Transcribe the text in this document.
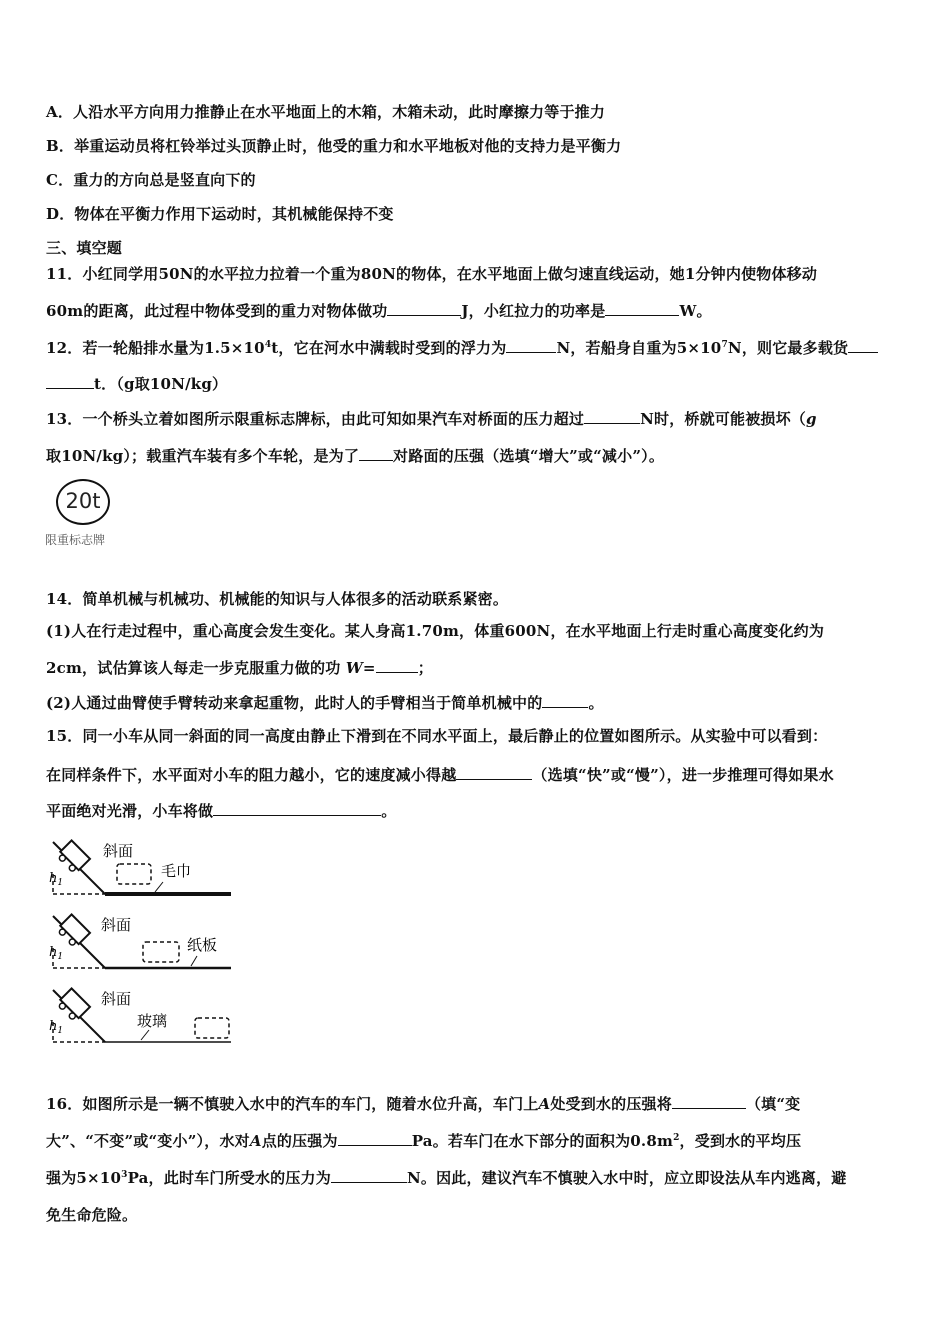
A．人沿水平方向用力推静止在水平地面上的木箱，木箱未动，此时摩擦力等于推力
B．举重运动员将杠铃举过头顶静止时，他受的重力和水平地板对他的支持力是平衡力
C．重力的方向总是竖直向下的
D．物体在平衡力作用下运动时，其机械能保持不变
三、填空题
11．小红同学用50N的水平拉力拉着一个重为80N的物体，在水平地面上做匀速直线运动，她1分钟内使物体移动
60m的距离，此过程中物体受到的重力对物体做功	J，小红拉力的功率是	W。
12．若一轮船排水量为$1.5\times 10^4t$，它在河水中满载时受到的浮力为	N，若船身自重为$5\times 10^7N$，则它最多载货
t．（g取10N/kg）
13．一个桥头立着如图所示限重标志牌标，由此可知如果汽车对桥面的压力超过	N时，桥就可能被损坏（g
取10N/kg）；载重汽车装有多个车轮，是为了 对路面的压强（选填“增大”或“减小”）。
20t
限重标志牌
14．简单机械与机械功、机械能的知识与人体很多的活动联系紧密。
(1)人在行走过程中，重心高度会发生变化。某人身高1.70m，体重600N，在水平地面上行走时重心高度变化约为
2cm，试估算该人每走一步克服重力做的功 W=	；
(2)人通过曲臂使手臂转动来拿起重物，此时人的手臂相当于简单机械中的	。
15．同一小车从同一斜面的同一高度由静止下滑到在不同水平面上，最后静止的位置如图所示。从实验中可以看到：
在同样条件下，水平面对小车的阻力越小，它的速度减小得越	（选填“快”或“慢”），进一步推理可得如果水
平面绝对光滑，小车将做	。
斜面
毛巾
$h_1$
斜面
纸板
$h_1$
斜面
玻璃
$h_1$
16．如图所示是一辆不慎驶入水中的汽车的车门，随着水位升高，车门上A处受到水的压强将	（填“变
大”、“不变”或“变小”），水对A点的压强为	Pa。若车门在水下部分的面积为$0.8m^2$，受到水的平均压
强为$5\times 10^3Pa$，此时车门所受水的压力为	N。因此，建议汽车不慎驶入水中时，应立即设法从车内逃离，避
免生命危险。
